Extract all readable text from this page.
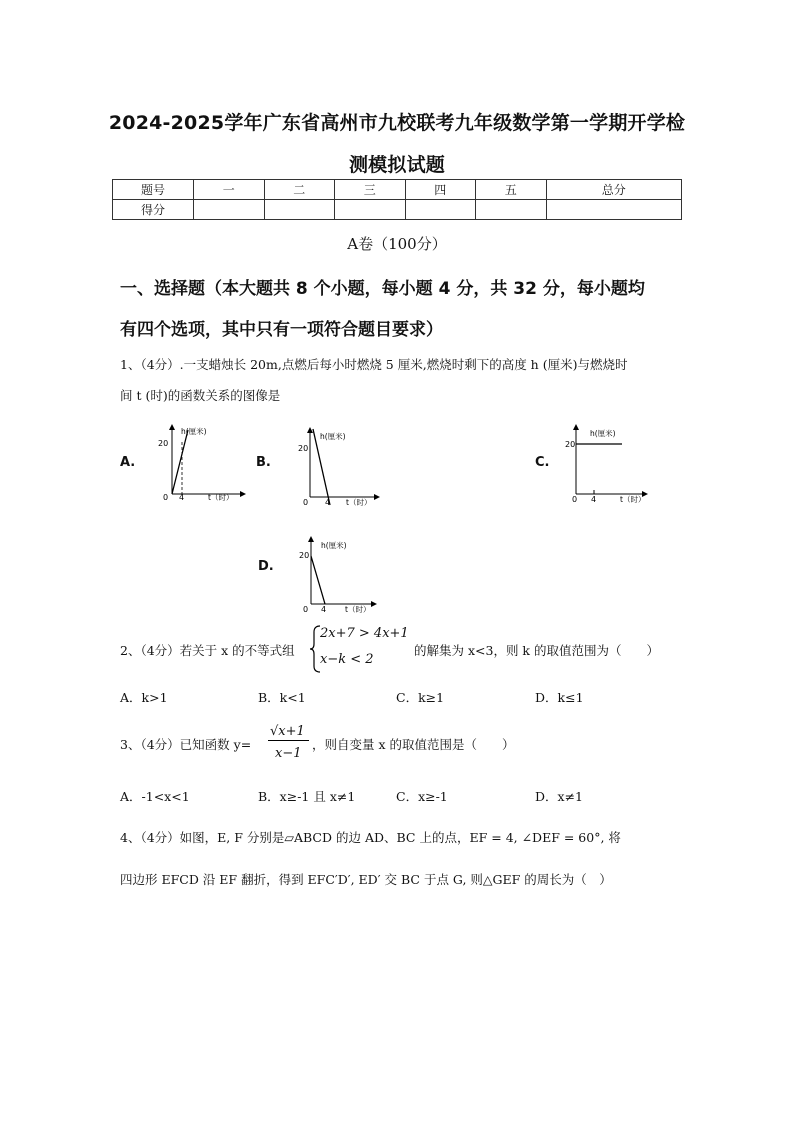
2024-2025学年广东省高州市九校联考九年级数学第一学期开学检
测模拟试题
题号	一	二	三	四	五	总分
得分						
A卷（100分）
一、选择题（本大题共 8 个小题，每小题 4 分，共 32 分，每小题均
有四个选项，其中只有一项符合题目要求）
1、（4分）.一支蜡烛长 20m,点燃后每小时燃烧 5 厘米,燃烧时剩下的高度 h (厘米)与燃烧时
间 t (时)的函数关系的图像是
A.
20
0 4
h(厘米)
t（时）
B.
20
0 4
h(厘米)
t（时）
C.
20
0 4
h(厘米)
t（时）
D.
20
0 4
h(厘米)
t（时）
2、（4分）若关于 x 的不等式组
2x+7 > 4x+1
x−k < 2
的解集为 x<3，则 k 的取值范围为（　　）
A．k>1	B．k<1	C．k≥1	D．k≤1
3、（4分）已知函数 y=
√x+1
x−1
，则自变量 x 的取值范围是（　　）
A．-1<x<1	B．x≥-1 且 x≠1	C．x≥-1	D．x≠1
4、（4分）如图，E, F 分别是▱ABCD 的边 AD、BC 上的点，EF = 4, ∠DEF = 60°, 将
四边形 EFCD 沿 EF 翻折，得到 EFC′D′, ED′ 交 BC 于点 G, 则△GEF 的周长为（　）
